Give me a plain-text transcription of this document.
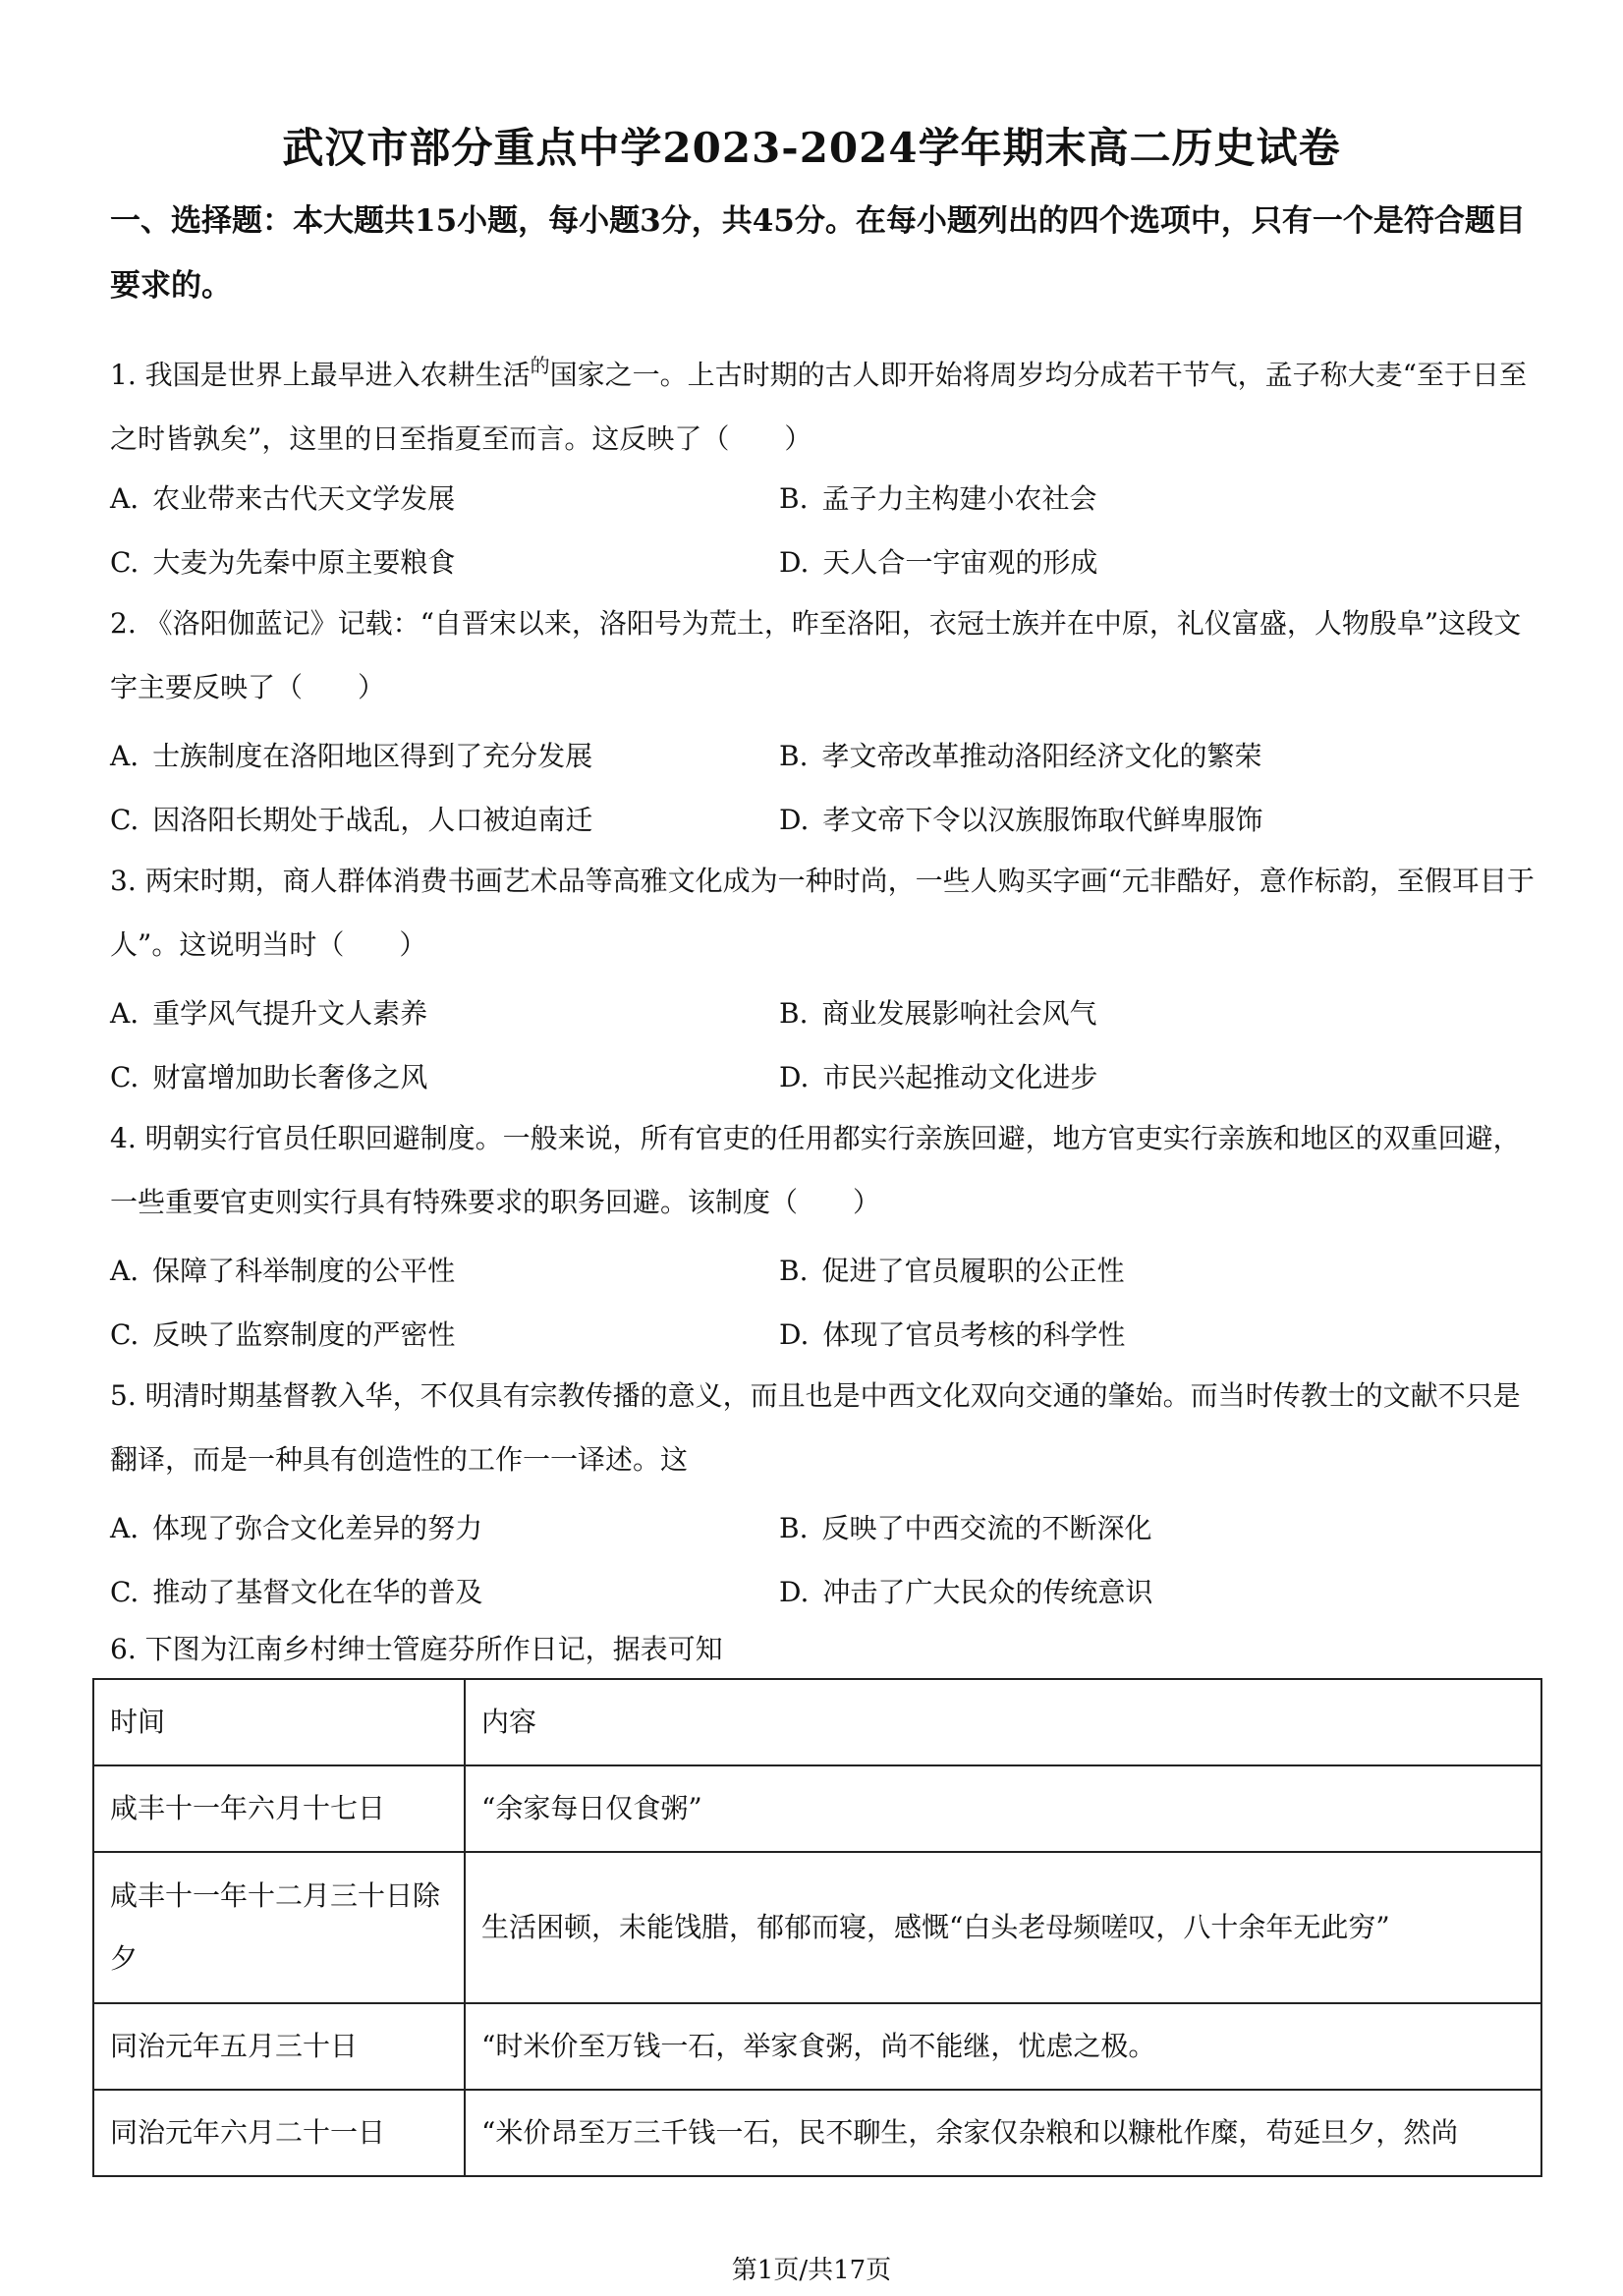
武汉市部分重点中学2023-2024学年期末高二历史试卷
一、选择题：本大题共15小题，每小题3分，共45分。在每小题列出的四个选项中，只有一个是符合题目要求的。
1. 我国是世界上最早进入农耕生活$^的$国家之一。上古时期的古人即开始将周岁均分成若干节气，孟子称大麦“至于日至之时皆孰矣”，这里的日至指夏至而言。这反映了（　　）
A. 农业带来古代天文学发展	B. 孟子力主构建小农社会
C. 大麦为先秦中原主要粮食	D. 天人合一宇宙观的形成
2. 《洛阳伽蓝记》记载：“自晋宋以来，洛阳号为荒土，昨至洛阳，衣冠士族并在中原，礼仪富盛，人物殷阜”这段文字主要反映了（　　）
A. 士族制度在洛阳地区得到了充分发展	B. 孝文帝改革推动洛阳经济文化的繁荣
C. 因洛阳长期处于战乱，人口被迫南迁	D. 孝文帝下令以汉族服饰取代鲜卑服饰
3. 两宋时期，商人群体消费书画艺术品等高雅文化成为一种时尚，一些人购买字画“元非酷好，意作标韵，至假耳目于人”。这说明当时（　　）
A. 重学风气提升文人素养	B. 商业发展影响社会风气
C. 财富增加助长奢侈之风	D. 市民兴起推动文化进步
4. 明朝实行官员任职回避制度。一般来说，所有官吏的任用都实行亲族回避，地方官吏实行亲族和地区的双重回避，一些重要官吏则实行具有特殊要求的职务回避。该制度（　　）
A. 保障了科举制度的公平性	B. 促进了官员履职的公正性
C. 反映了监察制度的严密性	D. 体现了官员考核的科学性
5. 明清时期基督教入华，不仅具有宗教传播的意义，而且也是中西文化双向交通的肇始。而当时传教士的文献不只是翻译，而是一种具有创造性的工作一一译述。这
A. 体现了弥合文化差异的努力	B. 反映了中西交流的不断深化
C. 推动了基督文化在华的普及	D. 冲击了广大民众的传统意识
6. 下图为江南乡村绅士管庭芬所作日记，据表可知
时间	内容
咸丰十一年六月十七日	“余家每日仅食粥”
咸丰十一年十二月三十日除夕	生活困顿，未能饯腊，郁郁而寝，感慨“白头老母频嗟叹，八十余年无此穷”
同治元年五月三十日	“时米价至万钱一石，举家食粥，尚不能继，忧虑之极。
同治元年六月二十一日	“米价昂至万三千钱一石，民不聊生，余家仅杂粮和以糠枇作糜，苟延旦夕，然尚
第1页/共17页
